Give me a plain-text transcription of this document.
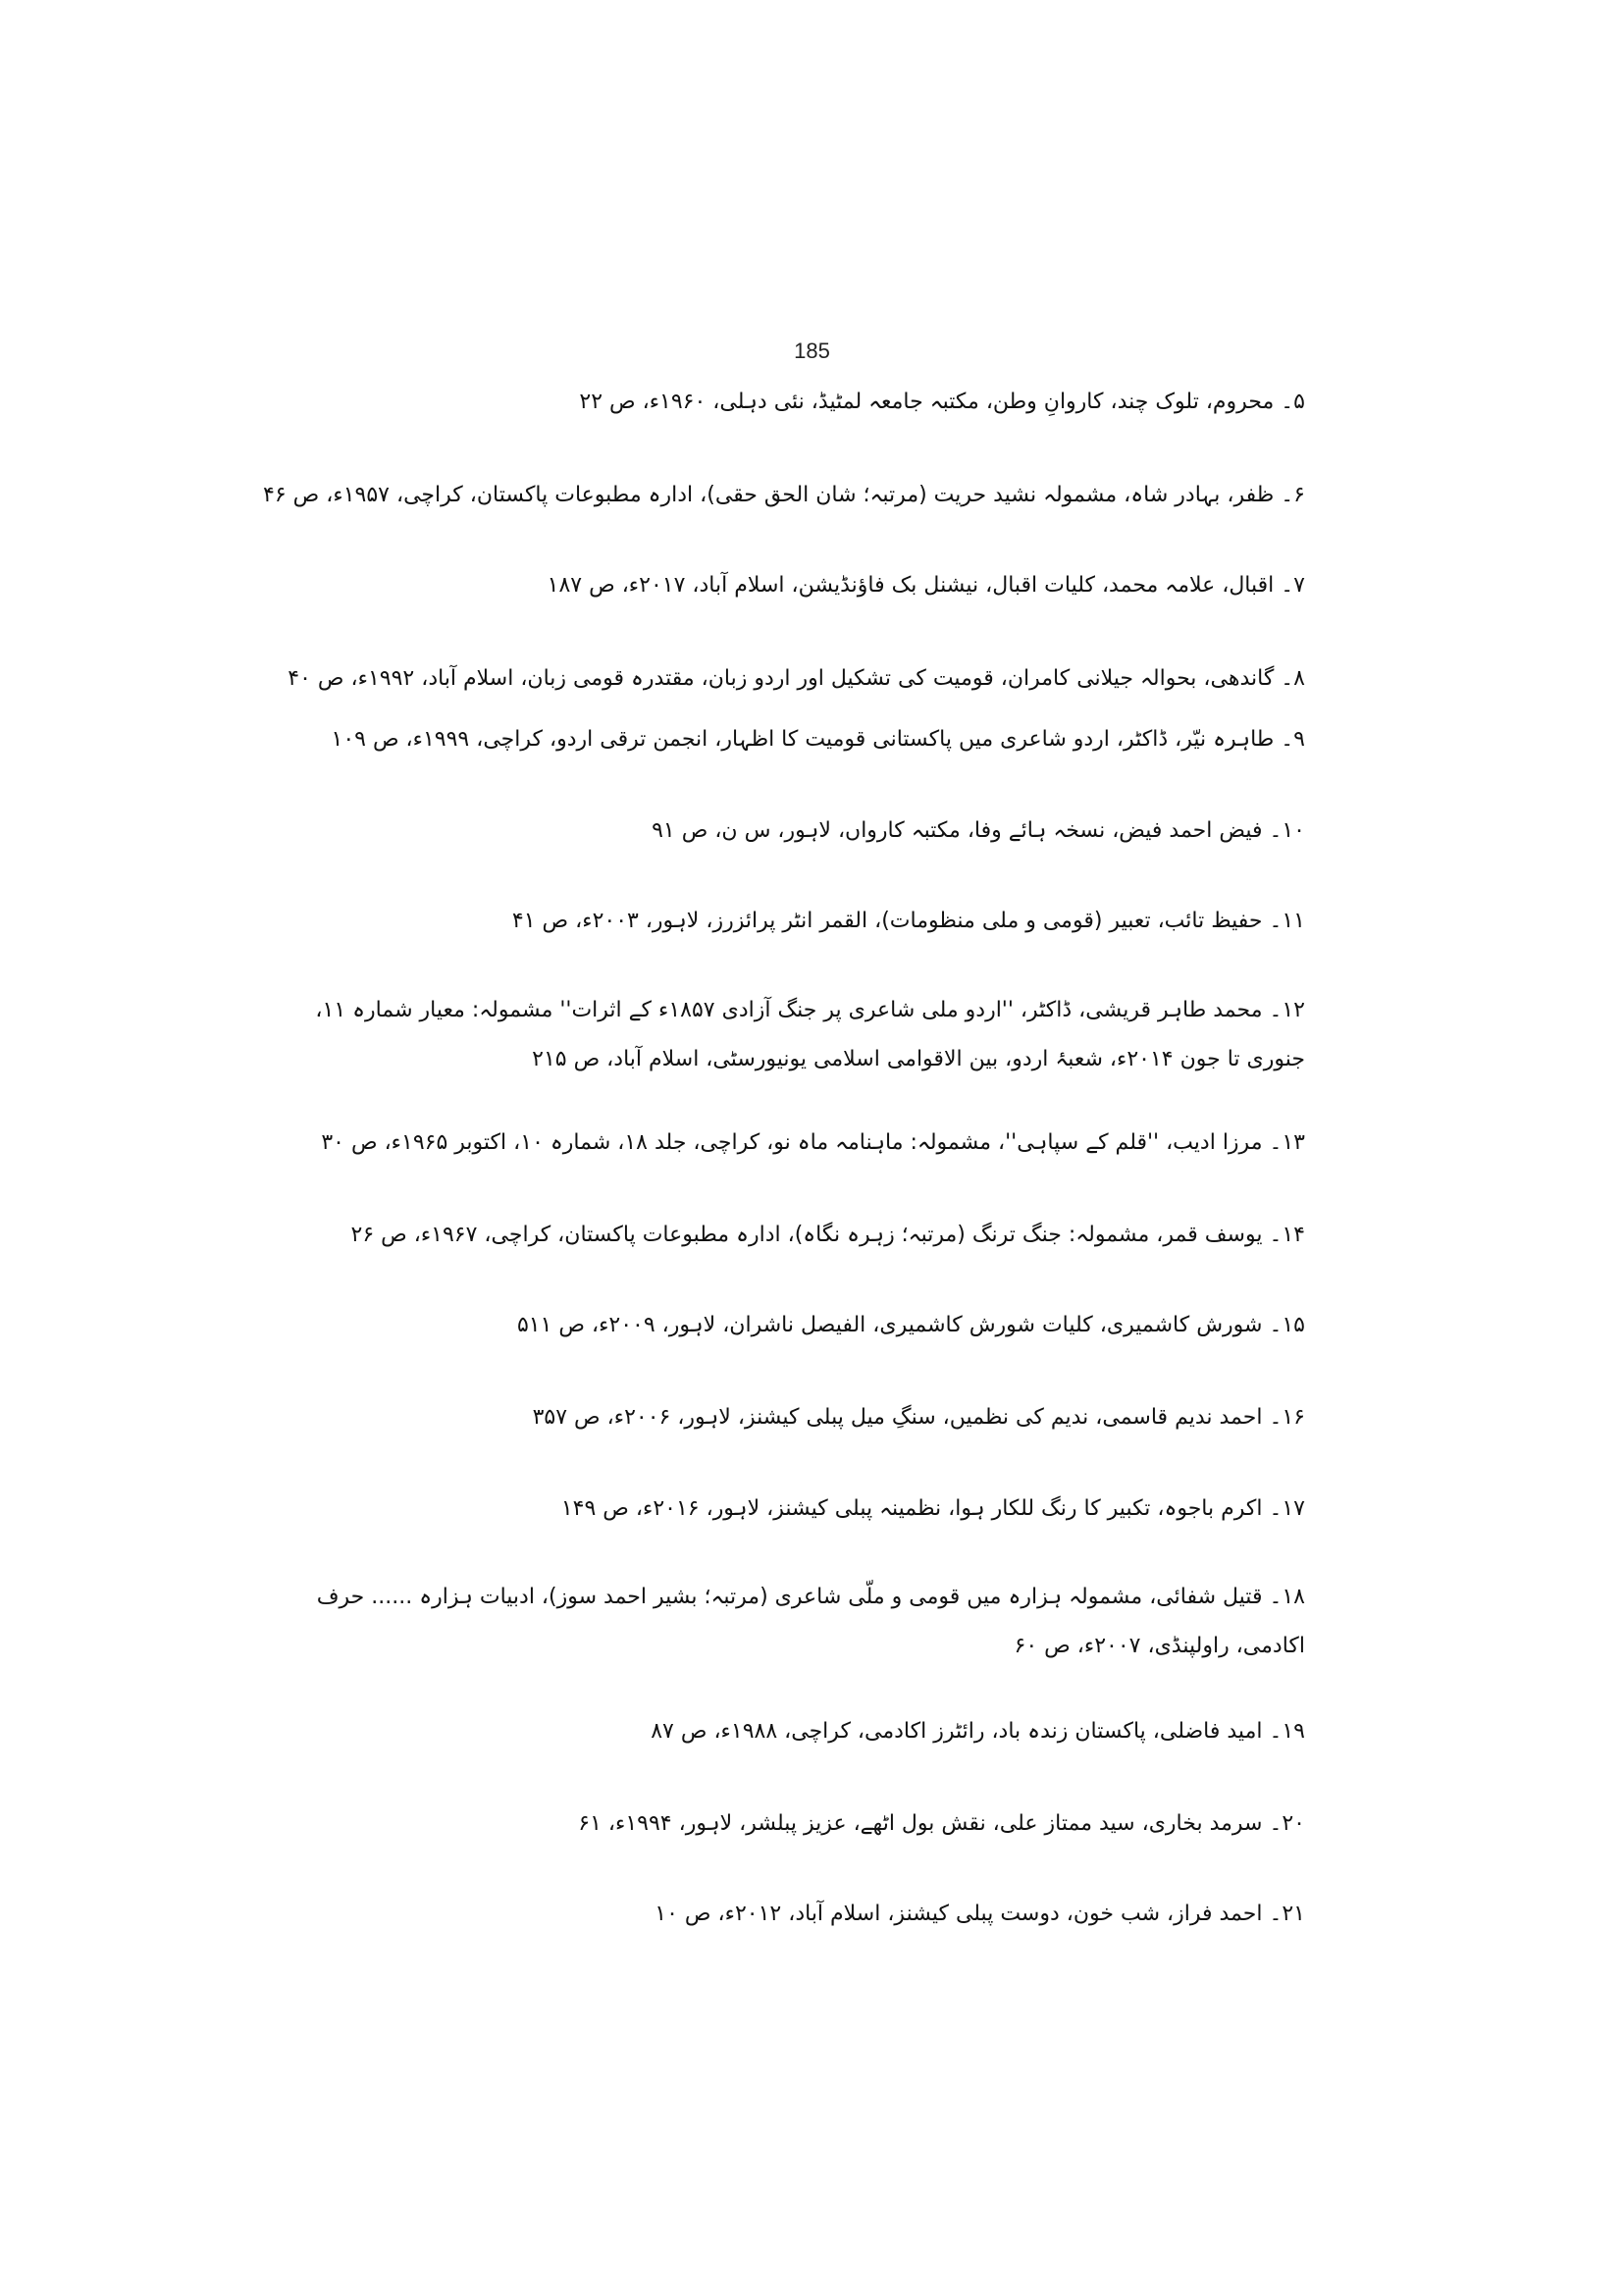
185
۵۔ محروم، تلوک چند، کاروانِ وطن، مکتبہ جامعہ لمٹیڈ، نئی دہلی، ۱۹۶۰ء، ص ۲۲
۶۔ ظفر، بہادر شاہ، مشمولہ نشید حریت (مرتبہ؛ شان الحق حقی)، ادارہ مطبوعات پاکستان، کراچی، ۱۹۵۷ء، ص ۴۶
۷۔ اقبال، علامہ محمد، کلیات اقبال، نیشنل بک فاؤنڈیشن، اسلام آباد، ۲۰۱۷ء، ص ۱۸۷
۸۔ گاندھی، بحوالہ جیلانی کامران، قومیت کی تشکیل اور اردو زبان، مقتدرہ قومی زبان، اسلام آباد، ۱۹۹۲ء، ص ۴۰
۹۔ طاہرہ نیّر، ڈاکٹر، اردو شاعری میں پاکستانی قومیت کا اظہار، انجمن ترقی اردو، کراچی، ۱۹۹۹ء، ص ۱۰۹
۱۰۔ فیض احمد فیض، نسخہ ہائے وفا، مکتبہ کارواں، لاہور، س ن، ص ۹۱
۱۱۔ حفیظ تائب، تعبیر (قومی و ملی منظومات)، القمر انٹر پرائزرز، لاہور، ۲۰۰۳ء، ص ۴۱
۱۲۔ محمد طاہر قریشی، ڈاکٹر، ''اردو ملی شاعری پر جنگ آزادی ۱۸۵۷ء کے اثرات'' مشمولہ: معیار شمارہ ۱۱، جنوری تا جون ۲۰۱۴ء، شعبۂ اردو، بین الاقوامی اسلامی یونیورسٹی، اسلام آباد، ص ۲۱۵
۱۳۔ مرزا ادیب، ''قلم کے سپاہی''، مشمولہ: ماہنامہ ماہ نو، کراچی، جلد ۱۸، شمارہ ۱۰، اکتوبر ۱۹۶۵ء، ص ۳۰
۱۴۔ یوسف قمر، مشمولہ: جنگ ترنگ (مرتبہ؛ زہرہ نگاہ)، ادارہ مطبوعات پاکستان، کراچی، ۱۹۶۷ء، ص ۲۶
۱۵۔ شورش کاشمیری، کلیات شورش کاشمیری، الفیصل ناشران، لاہور، ۲۰۰۹ء، ص ۵۱۱
۱۶۔ احمد ندیم قاسمی، ندیم کی نظمیں، سنگِ میل پبلی کیشنز، لاہور، ۲۰۰۶ء، ص ۳۵۷
۱۷۔ اکرم باجوہ، تکبیر کا رنگ للکار ہوا، نظمینہ پبلی کیشنز، لاہور، ۲۰۱۶ء، ص ۱۴۹
۱۸۔ قتیل شفائی، مشمولہ ہزارہ میں قومی و ملّی شاعری (مرتبہ؛ بشیر احمد سوز)، ادبیات ہزارہ ...... حرف اکادمی، راولپنڈی، ۲۰۰۷ء، ص ۶۰
۱۹۔ امید فاضلی، پاکستان زندہ باد، رائٹرز اکادمی، کراچی، ۱۹۸۸ء، ص ۸۷
۲۰۔ سرمد بخاری، سید ممتاز علی، نقش بول اٹھے، عزیز پبلشر، لاہور، ۱۹۹۴ء، ۶۱
۲۱۔ احمد فراز، شب خون، دوست پبلی کیشنز، اسلام آباد، ۲۰۱۲ء، ص ۱۰
